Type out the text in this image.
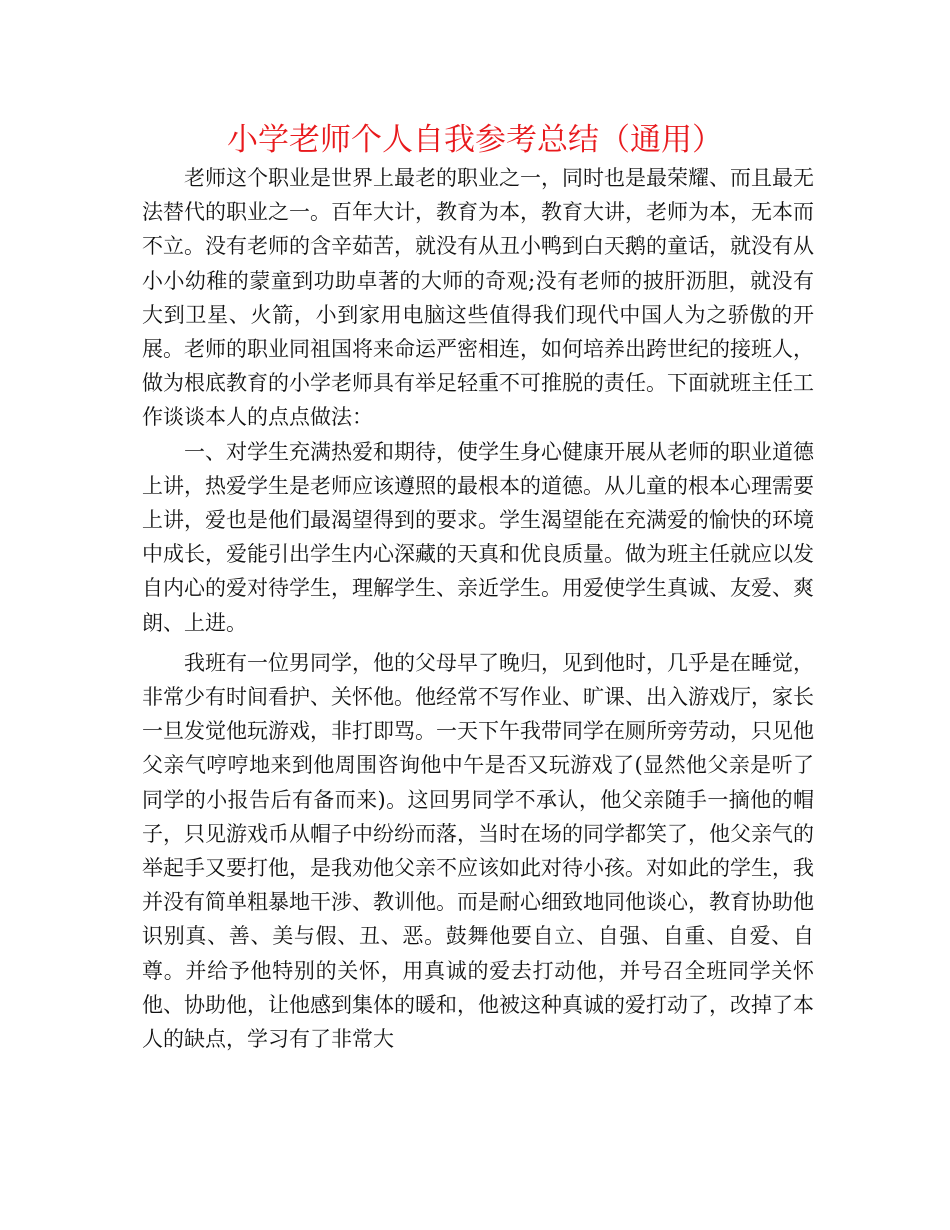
小学老师个人自我参考总结（通用）

老师这个职业是世界上最老的职业之一，同时也是最荣耀、而且最无法替代的职业之一。百年大计，教育为本，教育大讲，老师为本，无本而不立。没有老师的含辛茹苦，就没有从丑小鸭到白天鹅的童话，就没有从小小幼稚的蒙童到功助卓著的大师的奇观;没有老师的披肝沥胆，就没有大到卫星、火箭，小到家用电脑这些值得我们现代中国人为之骄傲的开展。老师的职业同祖国将来命运严密相连，如何培养出跨世纪的接班人，做为根底教育的小学老师具有举足轻重不可推脱的责任。下面就班主任工作谈谈本人的点点做法：

一、对学生充满热爱和期待，使学生身心健康开展从老师的职业道德上讲，热爱学生是老师应该遵照的最根本的道德。从儿童的根本心理需要上讲，爱也是他们最渴望得到的要求。学生渴望能在充满爱的愉快的环境中成长，爱能引出学生内心深藏的天真和优良质量。做为班主任就应以发自内心的爱对待学生，理解学生、亲近学生。用爱使学生真诚、友爱、爽朗、上进。

我班有一位男同学，他的父母早了晚归，见到他时，几乎是在睡觉，非常少有时间看护、关怀他。他经常不写作业、旷课、出入游戏厅，家长一旦发觉他玩游戏，非打即骂。一天下午我带同学在厕所旁劳动，只见他父亲气哼哼地来到他周围咨询他中午是否又玩游戏了(显然他父亲是听了同学的小报告后有备而来)。这回男同学不承认，他父亲随手一摘他的帽子，只见游戏币从帽子中纷纷而落，当时在场的同学都笑了，他父亲气的举起手又要打他，是我劝他父亲不应该如此对待小孩。对如此的学生，我并没有简单粗暴地干涉、教训他。而是耐心细致地同他谈心，教育协助他识别真、善、美与假、丑、恶。鼓舞他要自立、自强、自重、自爱、自尊。并给予他特别的关怀，用真诚的爱去打动他，并号召全班同学关怀他、协助他，让他感到集体的暖和，他被这种真诚的爱打动了，改掉了本人的缺点，学习有了非常大
